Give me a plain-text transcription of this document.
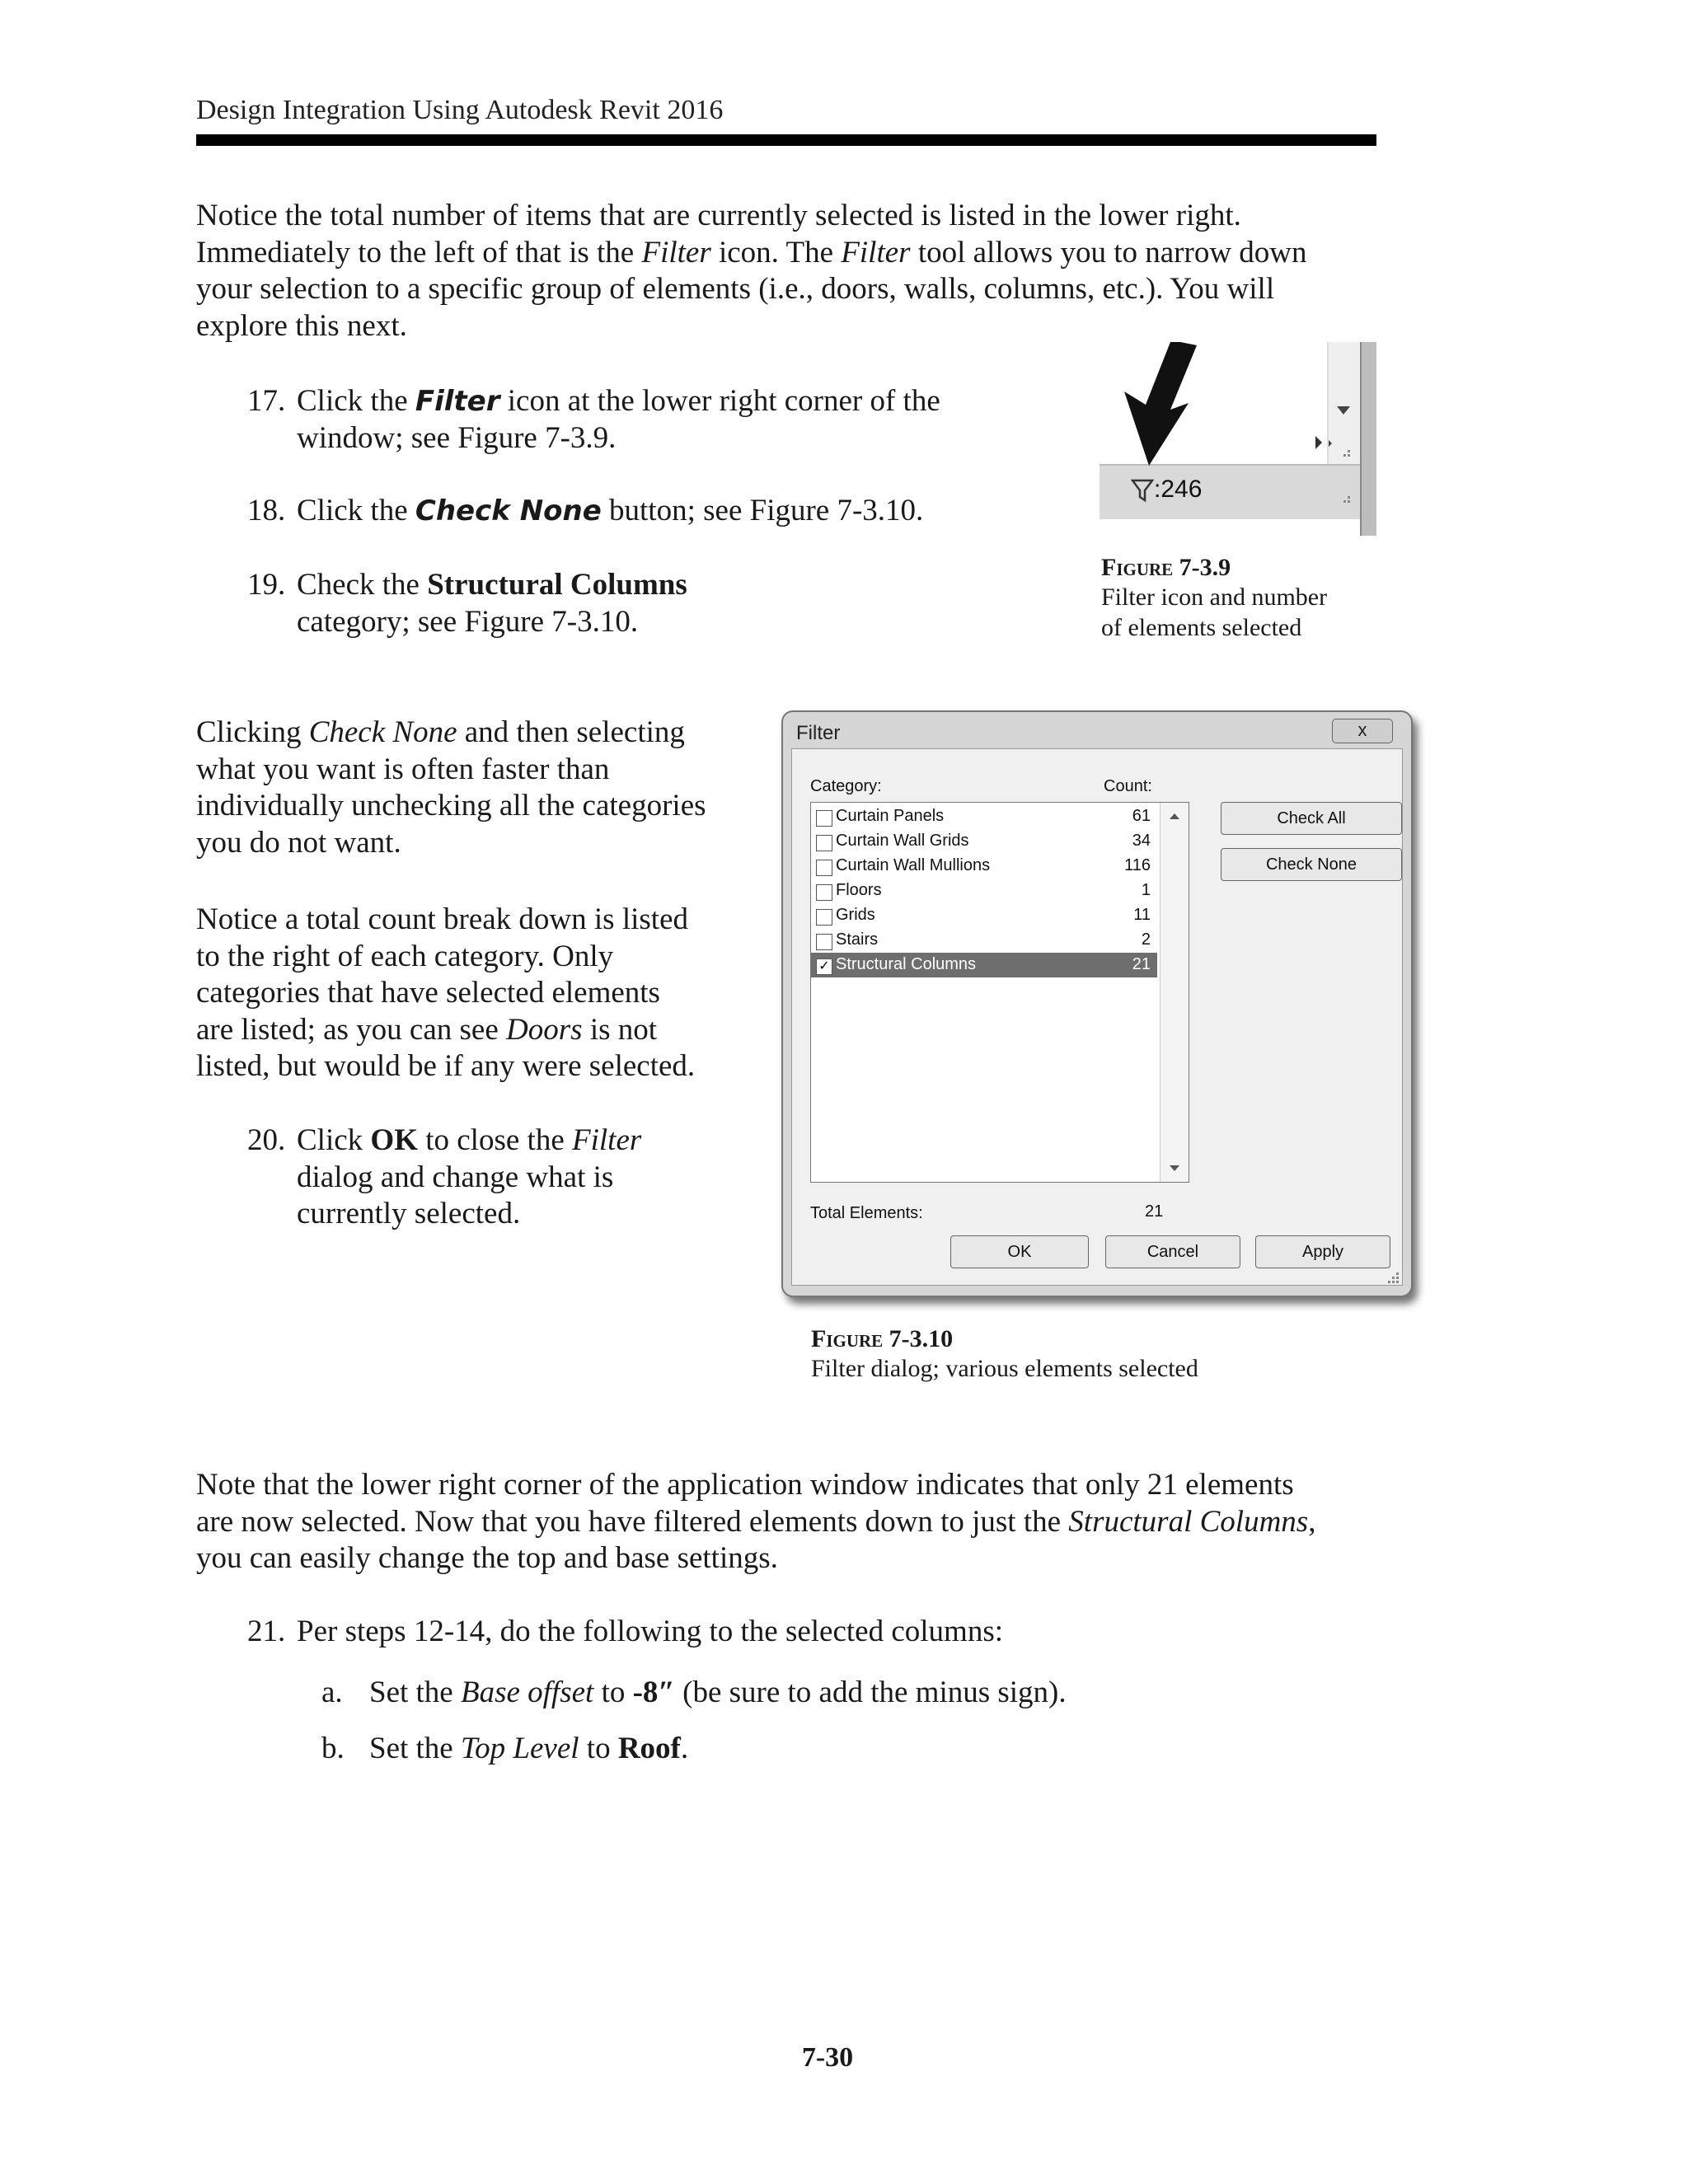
Design Integration Using Autodesk Revit 2016
Notice the total number of items that are currently selected is listed in the lower right.
Immediately to the left of that is the Filter icon. The Filter tool allows you to narrow down
your selection to a specific group of elements (i.e., doors, walls, columns, etc.). You will
explore this next.
17. Click the Filter icon at the lower right corner of the
window; see Figure 7-3.9.
18. Click the Check None button; see Figure 7-3.10.
19. Check the Structural Columns
category; see Figure 7-3.10.
:246
Figure 7-3.9
Filter icon and number
of elements selected
Clicking Check None and then selecting
what you want is often faster than
individually unchecking all the categories
you do not want.
Notice a total count break down is listed
to the right of each category. Only
categories that have selected elements
are listed; as you can see Doors is not
listed, but would be if any were selected.
20. Click OK to close the Filter
dialog and change what is
currently selected.
Filter	x
Category:	Count:
Curtain Panels	61
Curtain Wall Grids	34
Curtain Wall Mullions	116
Floors	1
Grids	11
Stairs	2
✓ Structural Columns	21
Check All
Check None
Total Elements:	21
OK	Cancel	Apply
Figure 7-3.10
Filter dialog; various elements selected
Note that the lower right corner of the application window indicates that only 21 elements
are now selected. Now that you have filtered elements down to just the Structural Columns,
you can easily change the top and base settings.
21. Per steps 12-14, do the following to the selected columns:
a. Set the Base offset to -8″ (be sure to add the minus sign).
b. Set the Top Level to Roof.
7-30
